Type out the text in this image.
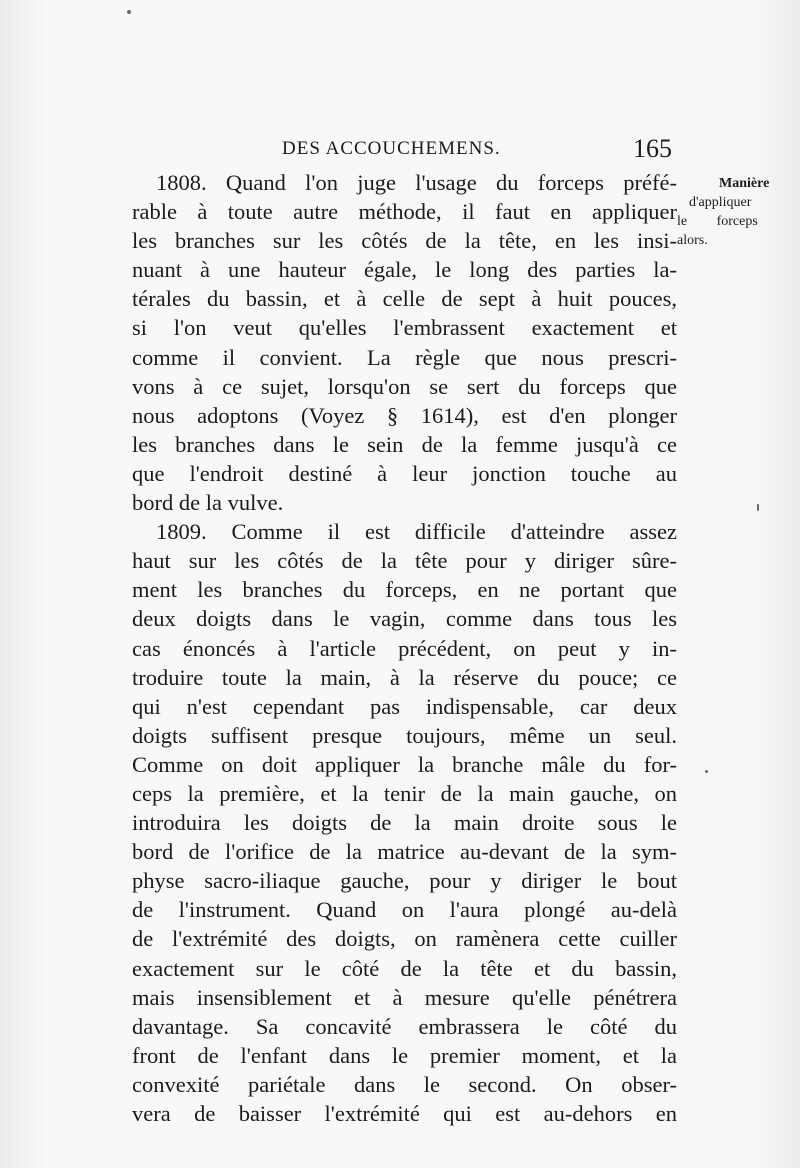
DES ACCOUCHEMENS.	165
Manière
d'appliquer
le forceps
alors.
1808. Quand l'on juge l'usage du forceps préfé-
rable à toute autre méthode, il faut en appliquer
les branches sur les côtés de la tête, en les insi-
nuant à une hauteur égale, le long des parties la-
térales du bassin, et à celle de sept à huit pouces,
si l'on veut qu'elles l'embrassent exactement et
comme il convient. La règle que nous prescri-
vons à ce sujet, lorsqu'on se sert du forceps que
nous adoptons (Voyez § 1614), est d'en plonger
les branches dans le sein de la femme jusqu'à ce
que l'endroit destiné à leur jonction touche au
bord de la vulve.
1809. Comme il est difficile d'atteindre assez
haut sur les côtés de la tête pour y diriger sûre-
ment les branches du forceps, en ne portant que
deux doigts dans le vagin, comme dans tous les
cas énoncés à l'article précédent, on peut y in-
troduire toute la main, à la réserve du pouce; ce
qui n'est cependant pas indispensable, car deux
doigts suffisent presque toujours, même un seul.
Comme on doit appliquer la branche mâle du for-
ceps la première, et la tenir de la main gauche, on
introduira les doigts de la main droite sous le
bord de l'orifice de la matrice au-devant de la sym-
physe sacro-iliaque gauche, pour y diriger le bout
de l'instrument. Quand on l'aura plongé au-delà
de l'extrémité des doigts, on ramènera cette cuiller
exactement sur le côté de la tête et du bassin,
mais insensiblement et à mesure qu'elle pénétrera
davantage. Sa concavité embrassera le côté du
front de l'enfant dans le premier moment, et la
convexité pariétale dans le second. On obser-
vera de baisser l'extrémité qui est au-dehors en
